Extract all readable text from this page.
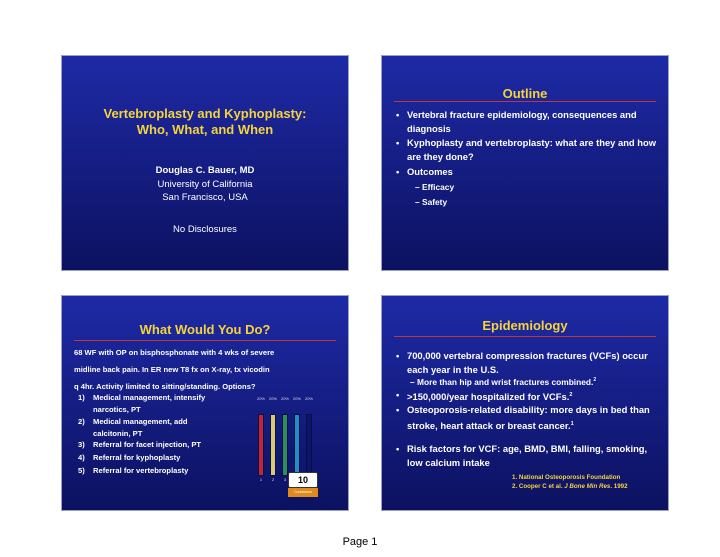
Vertebroplasty and Kyphoplasty:
Who, What, and When
Douglas C. Bauer, MD
University of California
San Francisco, USA
No Disclosures
Outline
• Vertebral fracture epidemiology, consequences and diagnosis
• Kyphoplasty and vertebroplasty: what are they and how are they done?
• Outcomes
– Efficacy
– Safety
What Would You Do?
68 WF with OP on bisphosphonate with 4 wks of severe
midline back pain. In ER new T8 fx on X-ray, tx vicodin
q 4hr. Activity limited to sitting/standing. Options?
1)	Medical management, intensify narcotics, PT
2)	Medical management, add calcitonin, PT
3)	Referral for facet injection, PT
4)	Referral for kyphoplasty
5)	Referral for vertebroplasty
20%
1
20%
2
20%
3
20% 20%
10
Countdown
Epidemiology
• 700,000 vertebral compression fractures (VCFs) occur each year in the U.S.
– More than hip and wrist fractures combined.$^2$
• >150,000/year hospitalized for VCFs.$^2$
• Osteoporosis-related disability: more days in bed than stroke, heart attack or breast cancer.$^1$
• Risk factors for VCF: age, BMD, BMI, falling, smoking, low calcium intake
1. National Osteoporosis Foundation
2. Cooper C et al. J Bone Min Res. 1992
Page 1
